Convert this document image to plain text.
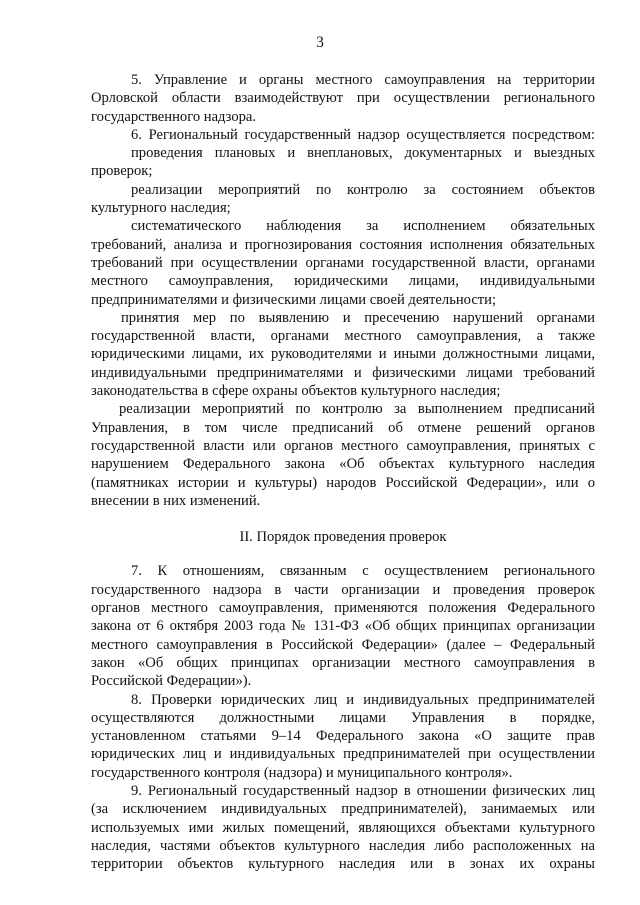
3
5. Управление и органы местного самоуправления на территории
Орловской области взаимодействуют при осуществлении регионального
государственного надзора.
6. Региональный государственный надзор осуществляется посредством:
проведения плановых и внеплановых, документарных и выездных
проверок;
реализации мероприятий по контролю за состоянием объектов
культурного наследия;
систематического наблюдения за исполнением обязательных
требований, анализа и прогнозирования состояния исполнения обязательных
требований при осуществлении органами государственной власти, органами
местного самоуправления, юридическими лицами, индивидуальными
предпринимателями и физическими лицами своей деятельности;
принятия мер по выявлению и пресечению нарушений органами
государственной власти, органами местного самоуправления, а также
юридическими лицами, их руководителями и иными должностными лицами,
индивидуальными предпринимателями и физическими лицами требований
законодательства в сфере охраны объектов культурного наследия;
реализации мероприятий по контролю за выполнением предписаний
Управления, в том числе предписаний об отмене решений органов
государственной власти или органов местного самоуправления, принятых с
нарушением Федерального закона «Об объектах культурного наследия
(памятниках истории и культуры) народов Российской Федерации», или о
внесении в них изменений.
II. Порядок проведения проверок
7. К отношениям, связанным с осуществлением регионального
государственного надзора в части организации и проведения проверок
органов местного самоуправления, применяются положения Федерального
закона от 6 октября 2003 года № 131-ФЗ «Об общих принципах организации
местного самоуправления в Российской Федерации» (далее – Федеральный
закон «Об общих принципах организации местного самоуправления в
Российской Федерации»).
8. Проверки юридических лиц и индивидуальных предпринимателей
осуществляются должностными лицами Управления в порядке,
установленном статьями 9–14 Федерального закона «О защите прав
юридических лиц и индивидуальных предпринимателей при осуществлении
государственного контроля (надзора) и муниципального контроля».
9. Региональный государственный надзор в отношении физических лиц
(за исключением индивидуальных предпринимателей), занимаемых или
используемых ими жилых помещений, являющихся объектами культурного
наследия, частями объектов культурного наследия либо расположенных на
территории объектов культурного наследия или в зонах их охраны
